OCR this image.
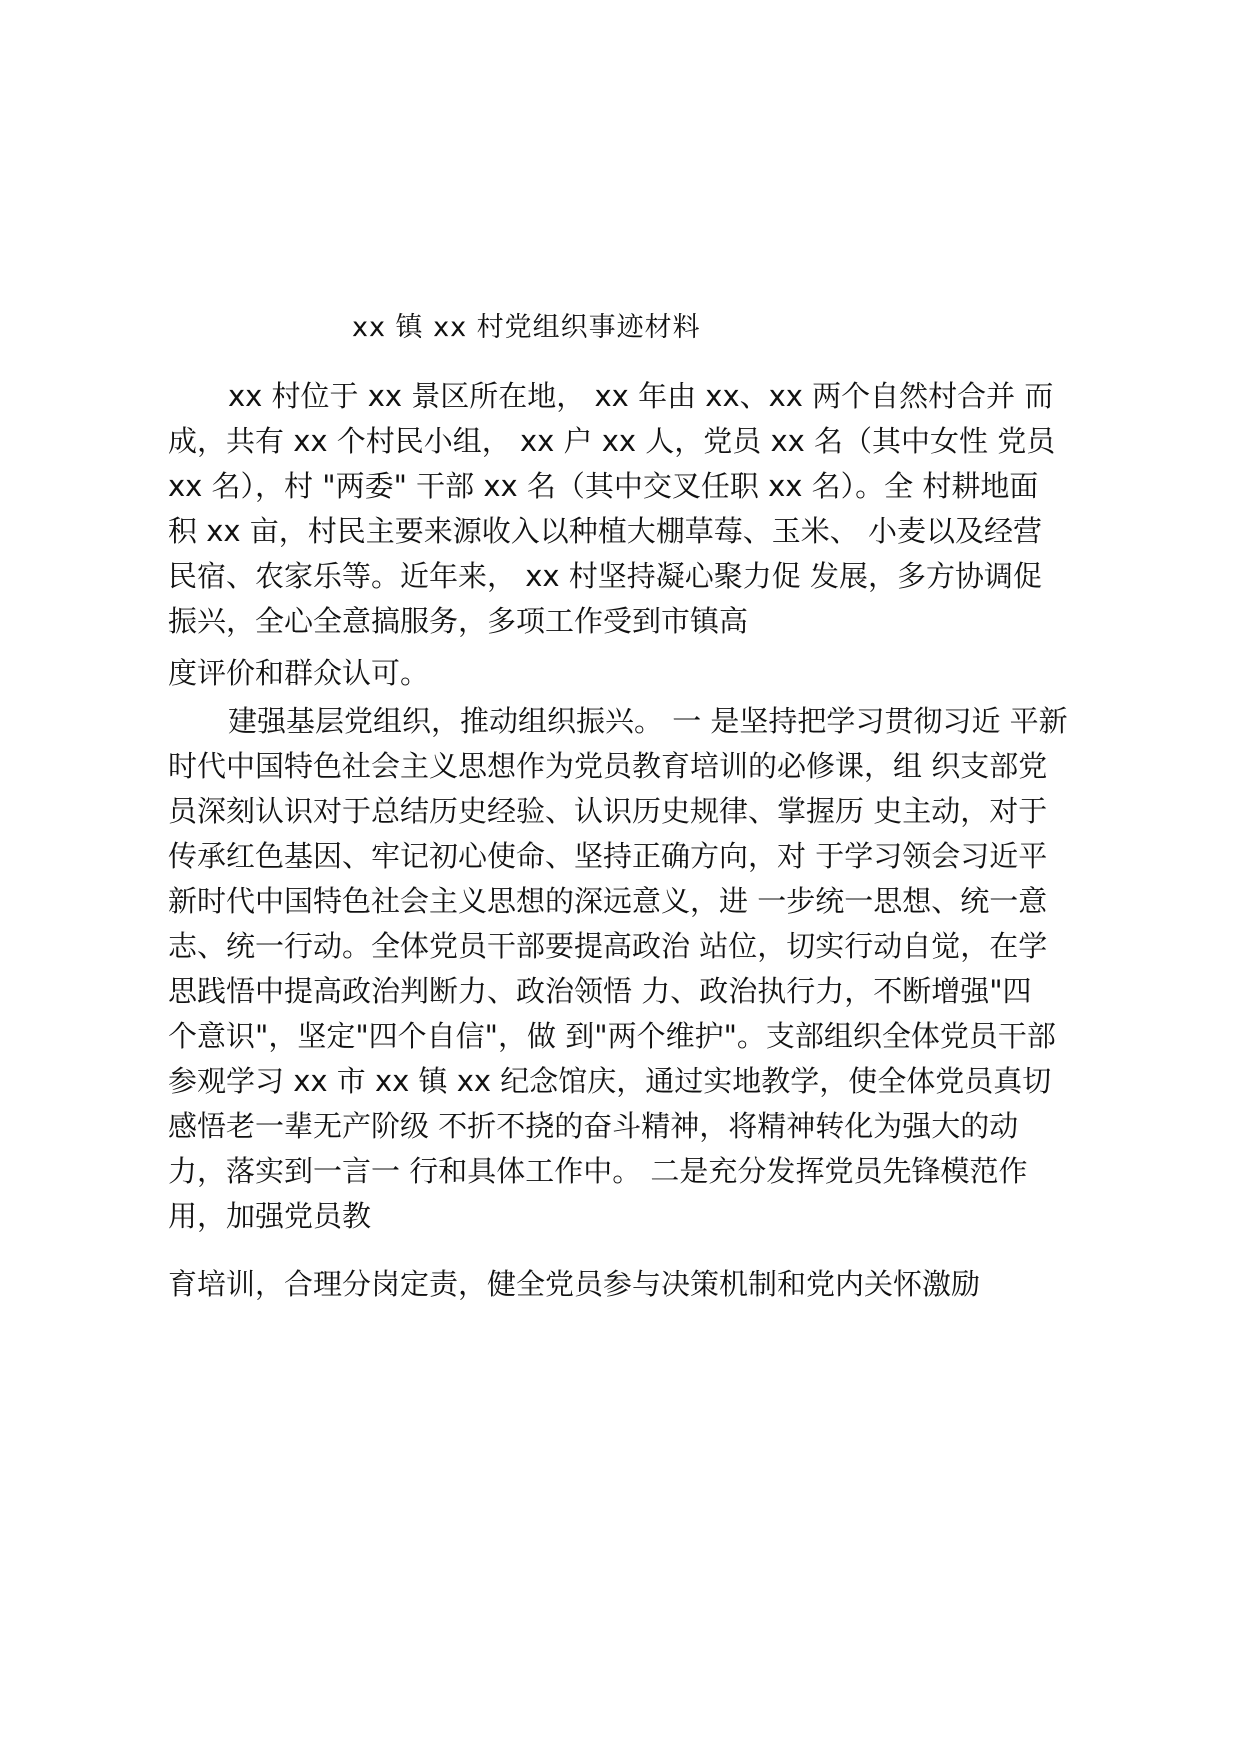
xx 镇 xx 村党组织事迹材料
xx 村位于 xx 景区所在地， xx 年由 xx、xx 两个自然村合并 而
成，共有 xx 个村民小组， xx 户 xx 人，党员 xx 名（其中女性 党员
xx 名），村 "两委" 干部 xx 名（其中交叉任职 xx 名）。全 村耕地面
积 xx 亩，村民主要来源收入以种植大棚草莓、玉米、 小麦以及经营
民宿、农家乐等。近年来， xx 村坚持凝心聚力促 发展，多方协调促
振兴，全心全意搞服务，多项工作受到市镇高
度评价和群众认可。
建强基层党组织，推动组织振兴。 一 是坚持把学习贯彻习近 平新
时代中国特色社会主义思想作为党员教育培训的必修课，组 织支部党
员深刻认识对于总结历史经验、认识历史规律、掌握历 史主动，对于
传承红色基因、牢记初心使命、坚持正确方向，对 于学习领会习近平
新时代中国特色社会主义思想的深远意义，进 一步统一思想、统一意
志、统一行动。全体党员干部要提高政治 站位，切实行动自觉，在学
思践悟中提高政治判断力、政治领悟 力、政治执行力，不断增强"四
个意识"，坚定"四个自信"，做 到"两个维护"。支部组织全体党员干部
参观学习 xx 市 xx 镇 xx 纪念馆庆，通过实地教学，使全体党员真切
感悟老一辈无产阶级 不折不挠的奋斗精神，将精神转化为强大的动
力，落实到一言一 行和具体工作中。 二是充分发挥党员先锋模范作
用，加强党员教
育培训，合理分岗定责，健全党员参与决策机制和党内关怀激励
